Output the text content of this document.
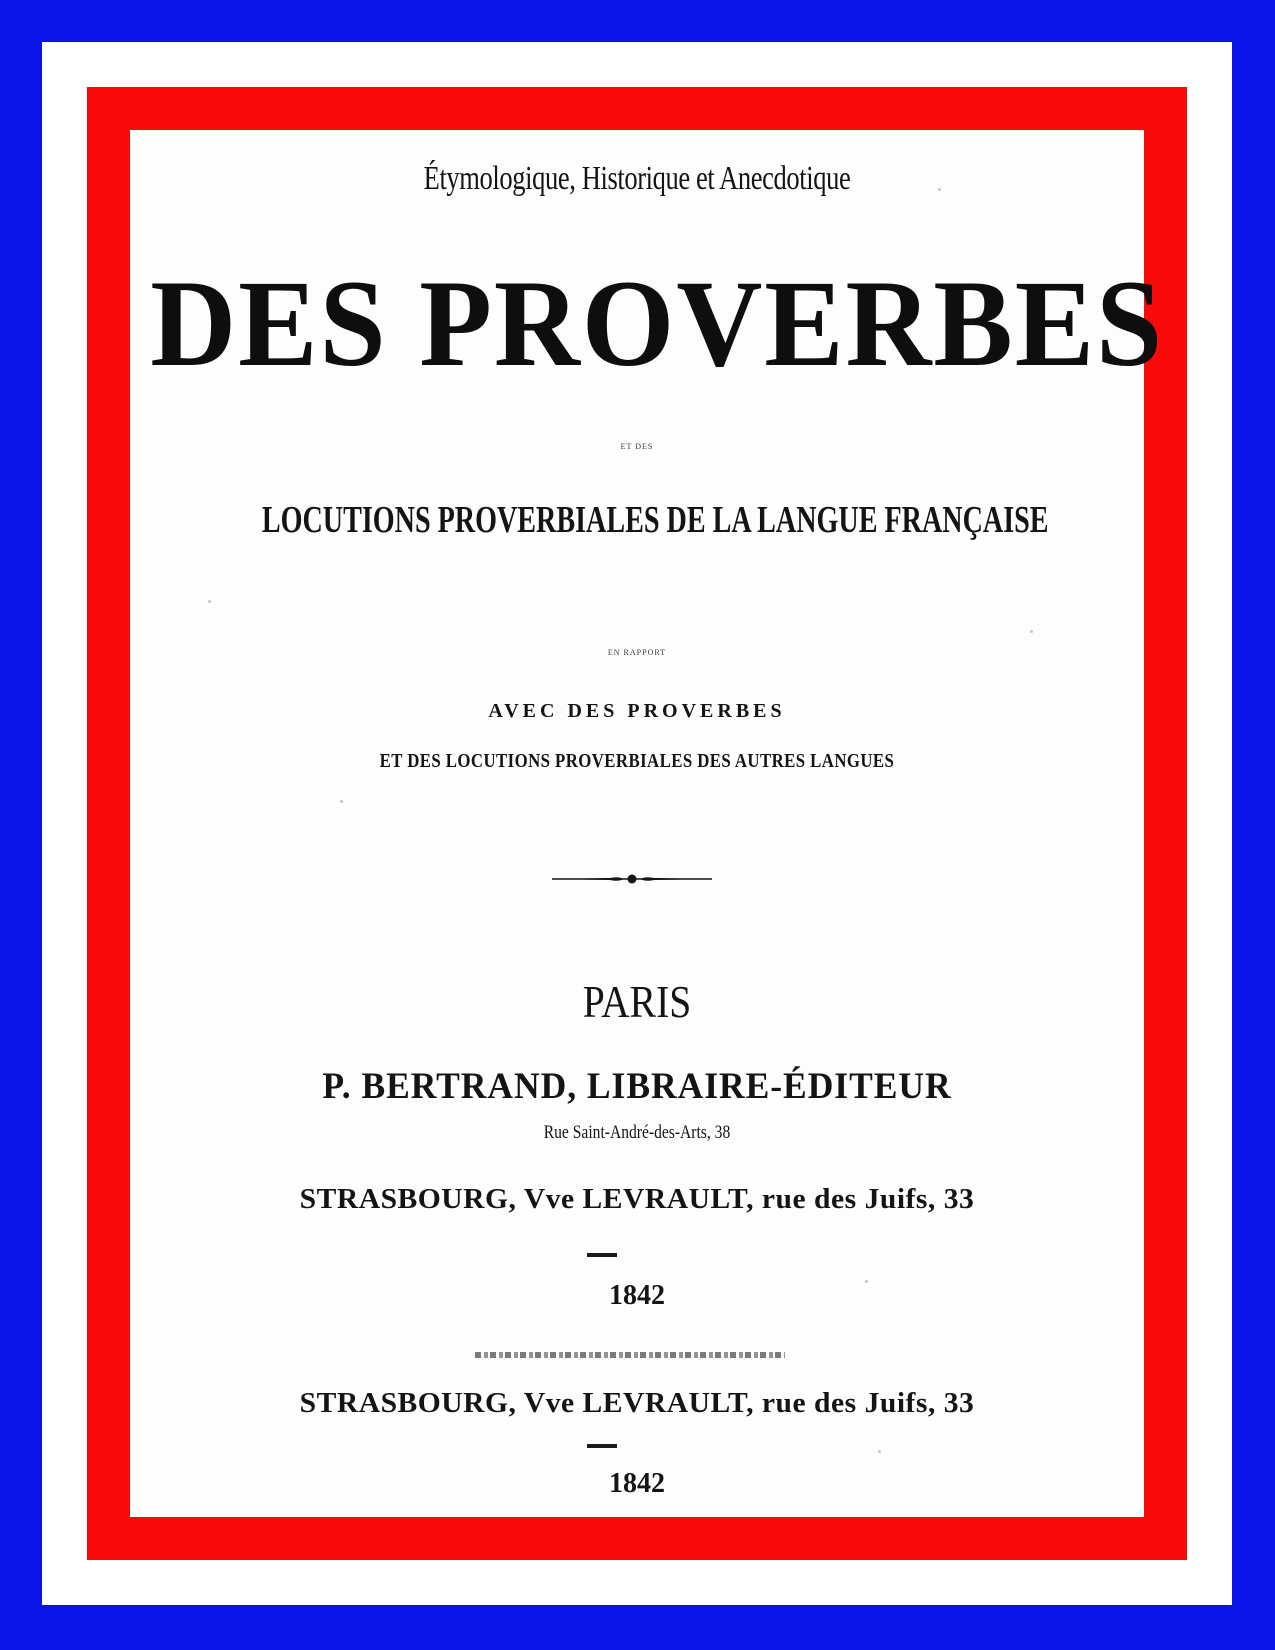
Étymologique, Historique et Anecdotique

DES PROVERBES

ET DES

LOCUTIONS PROVERBIALES DE LA LANGUE FRANÇAISE

EN RAPPORT

AVEC DES PROVERBES

ET DES LOCUTIONS PROVERBIALES DES AUTRES LANGUES

PARIS

P. BERTRAND, LIBRAIRE-ÉDITEUR

Rue Saint-André-des-Arts, 38

STRASBOURG, Vve LEVRAULT, rue des Juifs, 33

1842

STRASBOURG, Vve LEVRAULT, rue des Juifs, 33

1842
